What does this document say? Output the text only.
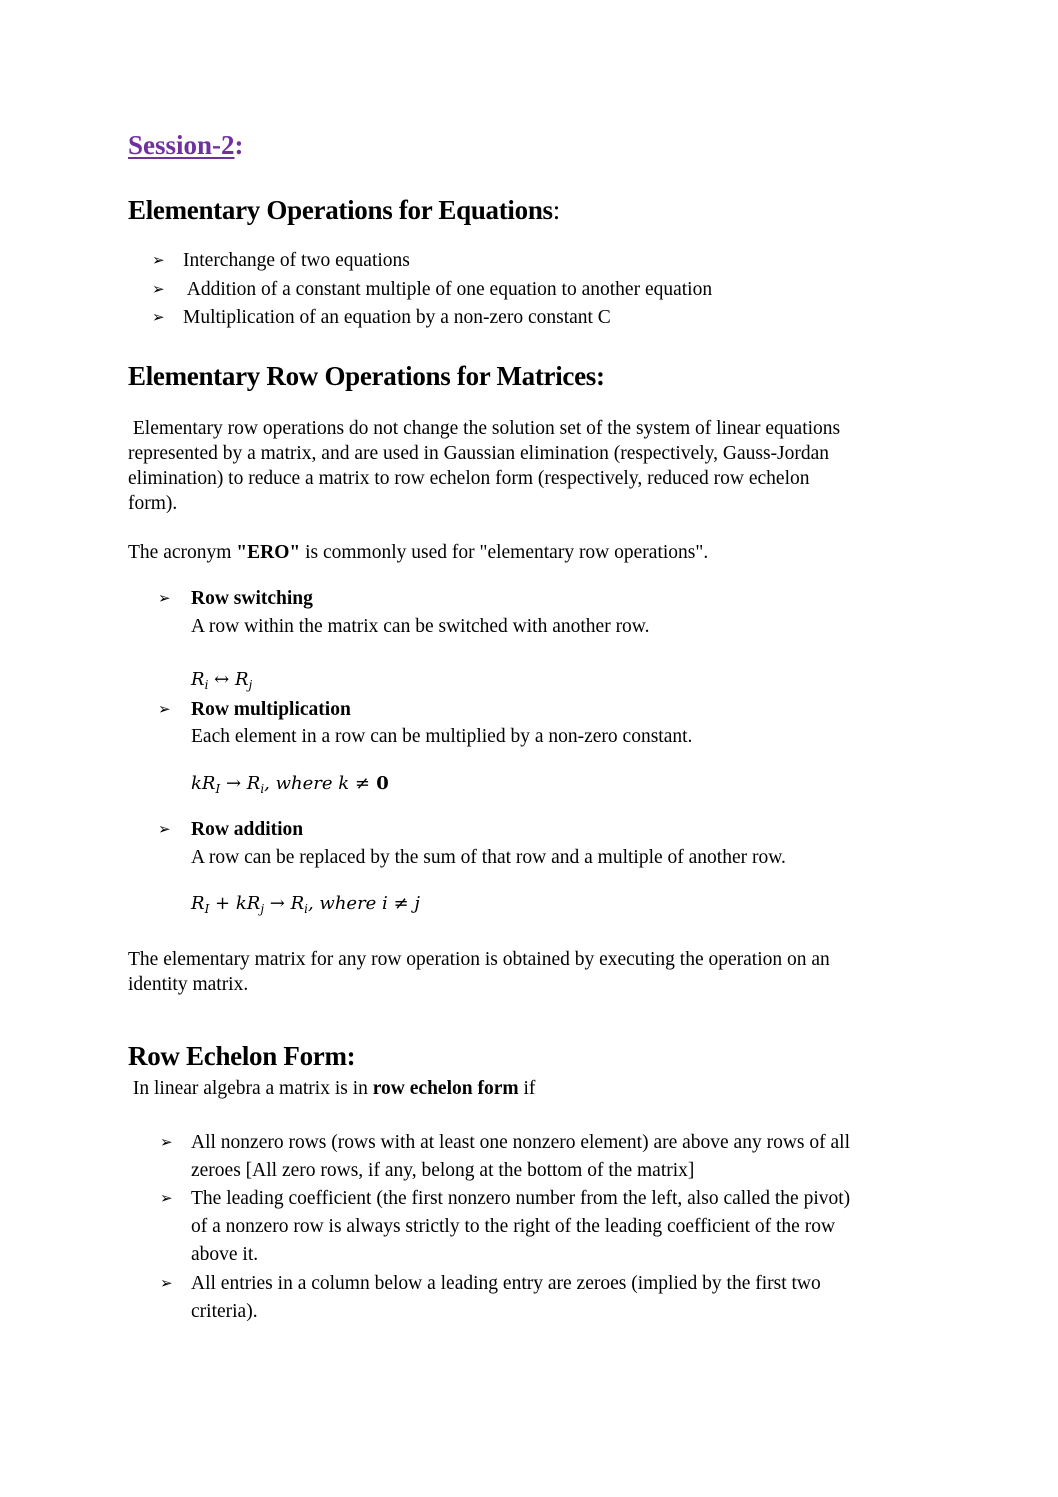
Session-2:
Elementary Operations for Equations:
➢ Interchange of two equations
➢ Addition of a constant multiple of one equation to another equation
➢ Multiplication of an equation by a non-zero constant C
Elementary Row Operations for Matrices:
Elementary row operations do not change the solution set of the system of linear equations
represented by a matrix, and are used in Gaussian elimination (respectively, Gauss-Jordan
elimination) to reduce a matrix to row echelon form (respectively, reduced row echelon
form).
The acronym "ERO" is commonly used for "elementary row operations".
➢ Row switching
A row within the matrix can be switched with another row.
$R_i$ ↔ $R_j$
➢ Row multiplication
Each element in a row can be multiplied by a non-zero constant.
$kR_I \to R_i$, where k ≠ 0
➢ Row addition
A row can be replaced by the sum of that row and a multiple of another row.
$R_I + kR_j \to R_i$, where i ≠ j
The elementary matrix for any row operation is obtained by executing the operation on an
identity matrix.
Row Echelon Form:
In linear algebra a matrix is in row echelon form if
➢ All nonzero rows (rows with at least one nonzero element) are above any rows of all
zeroes [All zero rows, if any, belong at the bottom of the matrix]
➢ The leading coefficient (the first nonzero number from the left, also called the pivot)
of a nonzero row is always strictly to the right of the leading coefficient of the row
above it.
➢ All entries in a column below a leading entry are zeroes (implied by the first two
criteria).
